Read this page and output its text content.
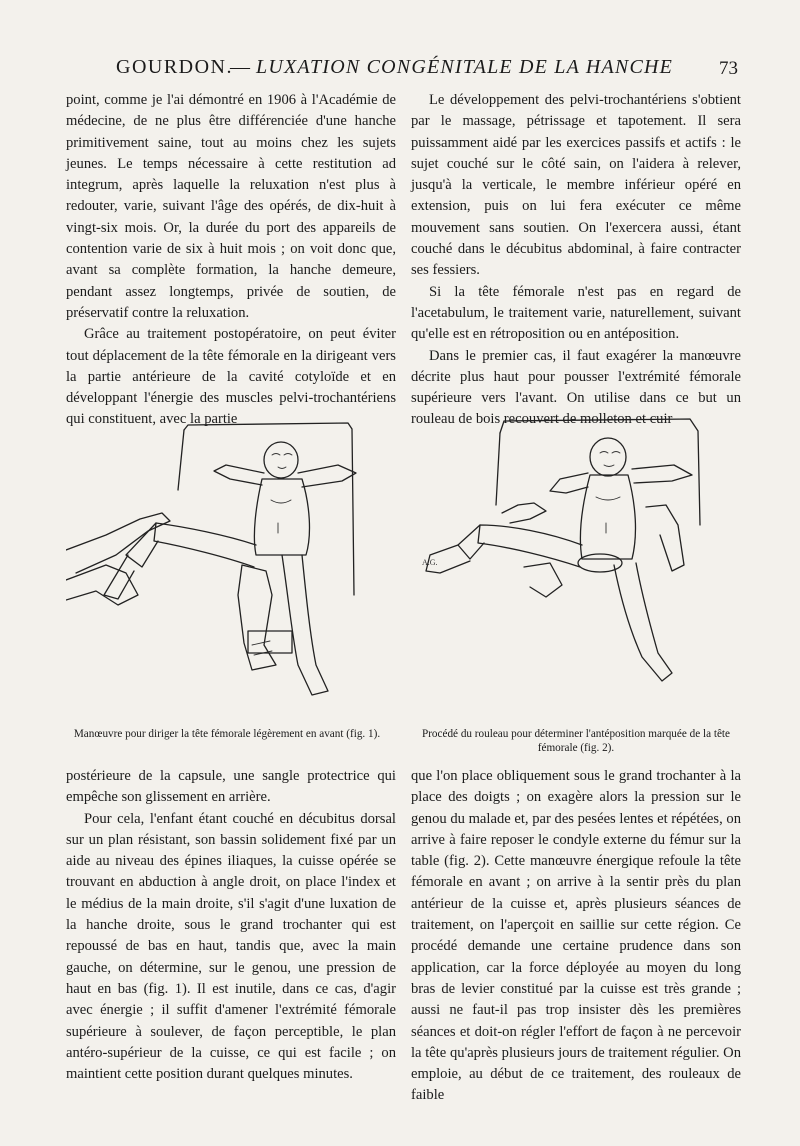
GOURDON.
— LUXATION CONGÉNITALE DE LA HANCHE 73

point, comme je l'ai démontré en 1906 à l'Académie de médecine, de ne plus être différenciée d'une hanche primitivement saine, tout au moins chez les sujets jeunes. Le temps nécessaire à cette restitution ad integrum, après laquelle la reluxation n'est plus à redouter, varie, suivant l'âge des opérés, de dix-huit à vingt-six mois. Or, la durée du port des appareils de contention varie de six à huit mois ; on voit donc que, avant sa complète formation, la hanche demeure, pendant assez longtemps, privée de soutien, de préservatif contre la reluxation.

Grâce au traitement postopératoire, on peut éviter tout déplacement de la tête fémorale en la dirigeant vers la partie antérieure de la cavité cotyloïde et en développant l'énergie des muscles pelvi-trochantériens qui constituent, avec la partie

Le développement des pelvi-trochantériens s'obtient par le massage, pétrissage et tapotement. Il sera puissamment aidé par les exercices passifs et actifs : le sujet couché sur le côté sain, on l'aidera à relever, jusqu'à la verticale, le membre inférieur opéré en extension, puis on lui fera exécuter ce même mouvement sans soutien. On l'exercera aussi, étant couché dans le décubitus abdominal, à faire contracter ses fessiers.

Si la tête fémorale n'est pas en regard de l'acetabulum, le traitement varie, naturellement, suivant qu'elle est en rétroposition ou en antéposition.

Dans le premier cas, il faut exagérer la manœuvre décrite plus haut pour pousser l'extrémité fémorale supérieure vers l'avant. On utilise dans ce but un rouleau de bois recouvert de molleton et cuir

A.G.
Manœuvre pour diriger la tête fémorale légèrement en avant (fig. 1).	Procédé du rouleau pour déterminer l'antéposition marquée de la tête fémorale (fig. 2).

postérieure de la capsule, une sangle protectrice qui empêche son glissement en arrière.

Pour cela, l'enfant étant couché en décubitus dorsal sur un plan résistant, son bassin solidement fixé par un aide au niveau des épines iliaques, la cuisse opérée se trouvant en abduction à angle droit, on place l'index et le médius de la main droite, s'il s'agit d'une luxation de la hanche droite, sous le grand trochanter qui est repoussé de bas en haut, tandis que, avec la main gauche, on détermine, sur le genou, une pression de haut en bas (fig. 1). Il est inutile, dans ce cas, d'agir avec énergie ; il suffit d'amener l'extrémité fémorale supérieure à soulever, de façon perceptible, le plan antéro-supérieur de la cuisse, ce qui est facile ; on maintient cette position durant quelques minutes.

que l'on place obliquement sous le grand trochanter à la place des doigts ; on exagère alors la pression sur le genou du malade et, par des pesées lentes et répétées, on arrive à faire reposer le condyle externe du fémur sur la table (fig. 2). Cette manœuvre énergique refoule la tête fémorale en avant ; on arrive à la sentir près du plan antérieur de la cuisse et, après plusieurs séances de traitement, on l'aperçoit en saillie sur cette région. Ce procédé demande une certaine prudence dans son application, car la force déployée au moyen du long bras de levier constitué par la cuisse est très grande ; aussi ne faut-il pas trop insister dès les premières séances et doit-on régler l'effort de façon à ne percevoir la tête qu'après plusieurs jours de traitement régulier. On emploie, au début de ce traitement, des rouleaux de faible
